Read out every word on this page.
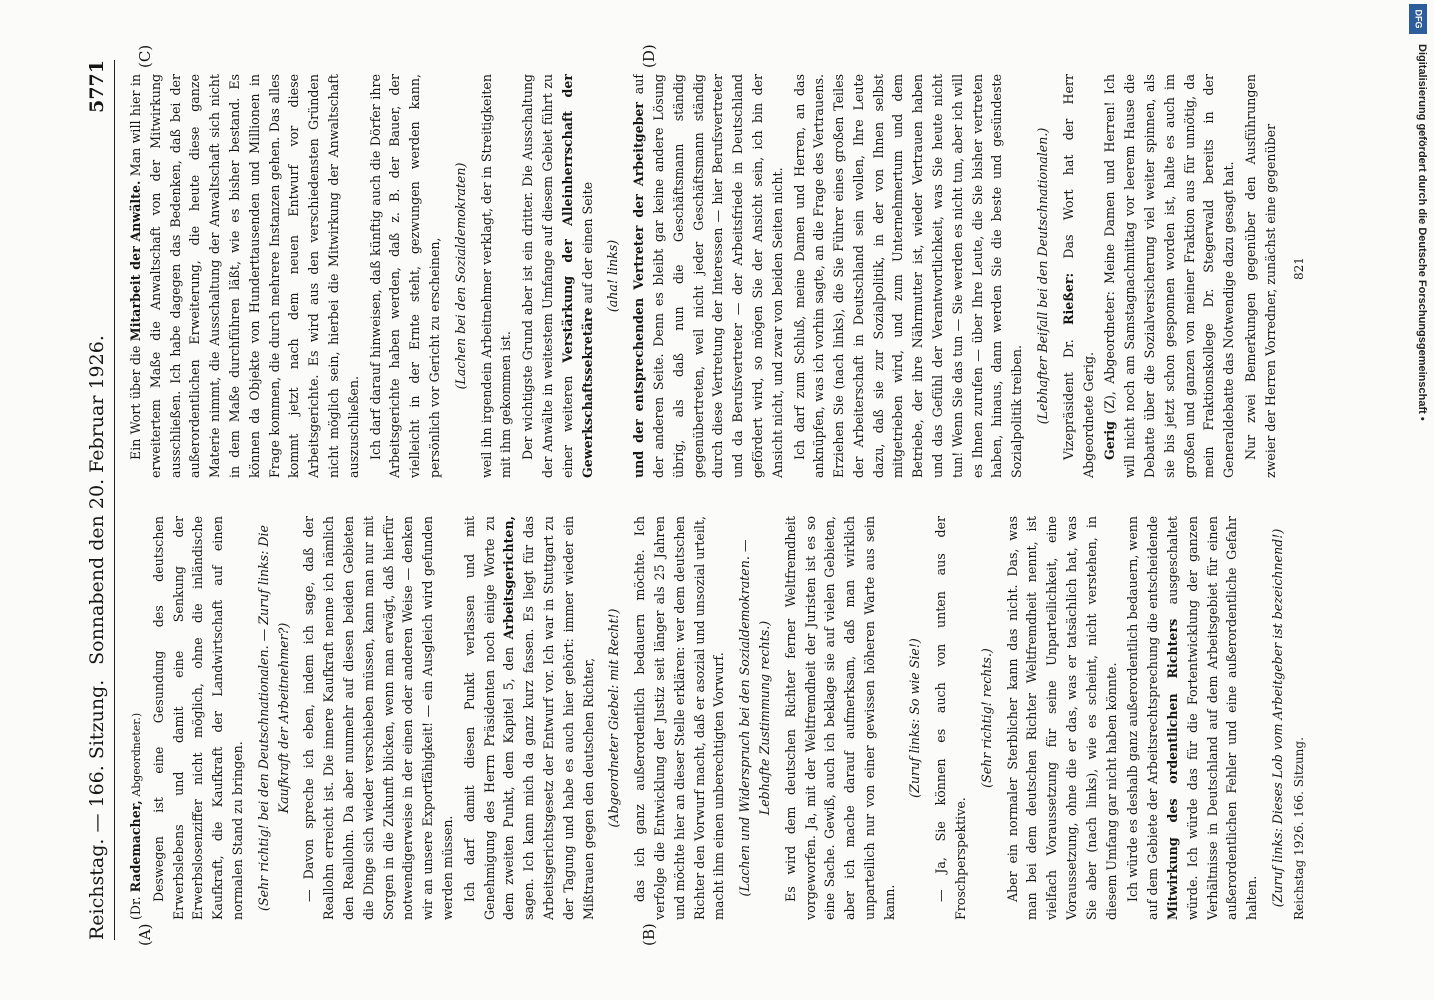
Reichstag. — 166. Sitzung.
Sonnabend den 20. Februar 1926.
5771
(A)	(B)
(C)	(D)

(Dr. Rademacher, Abgeordneter.) Deswegen ist eine Gesundung des deutschen Erwerbslebens und damit eine Senkung der Erwerbslosenziffer nicht möglich, ohne die inländische Kaufkraft, die Kaufkraft der Landwirtschaft auf einen normalen Stand zu bringen. (Sehr richtig! bei den Deutschnationalen. — Zuruf links: Die Kaufkraft der Arbeitnehmer?) — Davon spreche ich eben, indem ich sage, daß der Reallohn erreicht ist. Die innere Kaufkraft nenne ich nämlich den Reallohn. Da aber nunmehr auf diesen beiden Gebieten die Dinge sich wieder verschieben müssen, kann man nur mit Sorgen in die Zukunft blicken, wenn man erwägt, daß hierfür notwendigerweise in der einen oder anderen Weise — denken wir an unsere Exportfähigkeit! — ein Ausgleich wird gefunden werden müssen. Ich darf damit diesen Punkt verlassen und mit Genehmigung des Herrn Präsidenten noch einige Worte zu dem zweiten Punkt, dem Kapitel 5, den Arbeitsgerichten, sagen. Ich kann mich da ganz kurz fassen. Es liegt für das Arbeitsgerichtsgesetz der Entwurf vor. Ich war in Stuttgart zu der Tagung und habe es auch hier gehört: immer wieder ein Mißtrauen gegen den deutschen Richter, (Abgeordneter Giebel: mit Recht!) das ich ganz außerordentlich bedauern möchte. Ich verfolge die Entwicklung der Justiz seit länger als 25 Jahren und möchte hier an dieser Stelle erklären: wer dem deutschen Richter den Vorwurf macht, daß er asozial und unsozial urteilt, macht ihm einen unberechtigten Vorwurf. (Lachen und Widerspruch bei den Sozialdemokraten. — Lebhafte Zustimmung rechts.) Es wird dem deutschen Richter ferner Weltfremdheit vorgeworfen. Ja, mit der Weltfremdheit der Juristen ist es so eine Sache. Gewiß, auch ich beklage sie auf vielen Gebieten, aber ich mache darauf aufmerksam, daß man wirklich unparteilich nur von einer gewissen höheren Warte aus sein kann.

(Zuruf links: So wie Sie!) — Ja, Sie können es auch von unten aus der Froschperspektive.

(Sehr richtig! rechts.) Aber ein normaler Sterblicher kann das nicht. Das, was man bei dem deutschen Richter Weltfremdheit nennt, ist vielfach Voraussetzung für seine Unparteilichkeit, eine Voraussetzung, ohne die er das, was er tatsächlich hat, was Sie aber (nach links), wie es scheint, nicht verstehen, in diesem Umfang gar nicht haben könnte. Ich würde es deshalb ganz außerordentlich bedauern, wenn auf dem Gebiete der Arbeitsrechtsprechung die entscheidende Mitwirkung des ordentlichen Richters ausgeschaltet würde. Ich würde das für die Fortentwicklung der ganzen Verhältnisse in Deutschland auf dem Arbeitsgebiet für einen außerordentlichen Fehler und eine außerordentliche Gefahr halten. (Zuruf links: Dieses Lob vom Arbeitgeber ist bezeichnend!)

Ein Wort über die Mitarbeit der Anwälte. Man will hier in erweitertem Maße die Anwaltschaft von der Mitwirkung ausschließen. Ich habe dagegen das Bedenken, daß bei der außerordentlichen Erweiterung, die heute diese ganze Materie nimmt, die Ausschaltung der Anwaltschaft sich nicht in dem Maße durchführen läßt, wie es bisher bestand. Es können da Objekte von Hunderttausenden und Millionen in Frage kommen, die durch mehrere Instanzen gehen. Das alles kommt jetzt nach dem neuen Entwurf vor diese Arbeitsgerichte. Es wird aus den verschiedensten Gründen nicht möglich sein, hierbei die Mitwirkung der Anwaltschaft auszuschließen. Ich darf darauf hinweisen, daß künftig auch die Dörfer ihre Arbeitsgerichte haben werden, daß z. B. der Bauer, der vielleicht in der Ernte steht, gezwungen werden kann, persönlich vor Gericht zu erscheinen, (Lachen bei den Sozialdemokraten) weil ihn irgendein Arbeitnehmer verklagt, der in Streitigkeiten mit ihm gekommen ist. Der wichtigste Grund aber ist ein dritter. Die Ausschaltung der Anwälte in weitestem Umfange auf diesem Gebiet führt zu einer weiteren Verstärkung der Alleinherrschaft der Gewerkschaftssekretäre auf der einen Seite (aha! links) und der entsprechenden Vertreter der Arbeitgeber auf der anderen Seite. Denn es bleibt gar keine andere Lösung übrig, als daß nun die Geschäftsmann ständig gegenübertreten, weil nicht jeder Geschäftsmann ständig durch diese Vertretung der Interessen — hier Berufsvertreter und da Berufsvertreter — der Arbeitsfriede in Deutschland gefördert wird, so mögen Sie der Ansicht sein, ich bin der Ansicht nicht, und zwar von beiden Seiten nicht. Ich darf zum Schluß, meine Damen und Herren, an das anknüpfen, was ich vorhin sagte, an die Frage des Vertrauens. Erziehen Sie (nach links), die Sie Führer eines großen Teiles der Arbeiterschaft in Deutschland sein wollen, Ihre Leute dazu, daß sie zur Sozialpolitik, in der von Ihnen selbst mitgetrieben wird, und zum Unternehmertum und dem Betriebe, der ihre Nährmutter ist, wieder Vertrauen haben und das Gefühl der Verantwortlichkeit, was Sie heute nicht tun! Wenn Sie das tun — Sie werden es nicht tun, aber ich will es Ihnen zurufen — über Ihre Leute, die Sie bisher vertreten haben, hinaus, dann werden Sie die beste und gesündeste Sozialpolitik treiben. (Lebhafter Beifall bei den Deutschnationalen.) Vizepräsident Dr. Rießer: Das Wort hat der Herr Abgeordnete Gerig. Gerig (Z), Abgeordneter: Meine Damen und Herren! Ich will nicht noch am Samstagnachmittag vor leerem Hause die Debatte über die Sozialversicherung viel weiter spinnen, als sie bis jetzt schon gesponnen worden ist, halte es auch im großen und ganzen von meiner Fraktion aus für unnötig, da mein Fraktionskollege Dr. Stegerwald bereits in der Generaldebatte das Notwendige dazu gesagt hat. Nur zwei Bemerkungen gegenüber den Ausführungen zweier der Herren Vorredner, zunächst eine gegenüber

Reichstag 1926. 166. Sitzung.
821
DFG
Digitalisierung gefördert durch die Deutsche Forschungsgemeinschaft •
